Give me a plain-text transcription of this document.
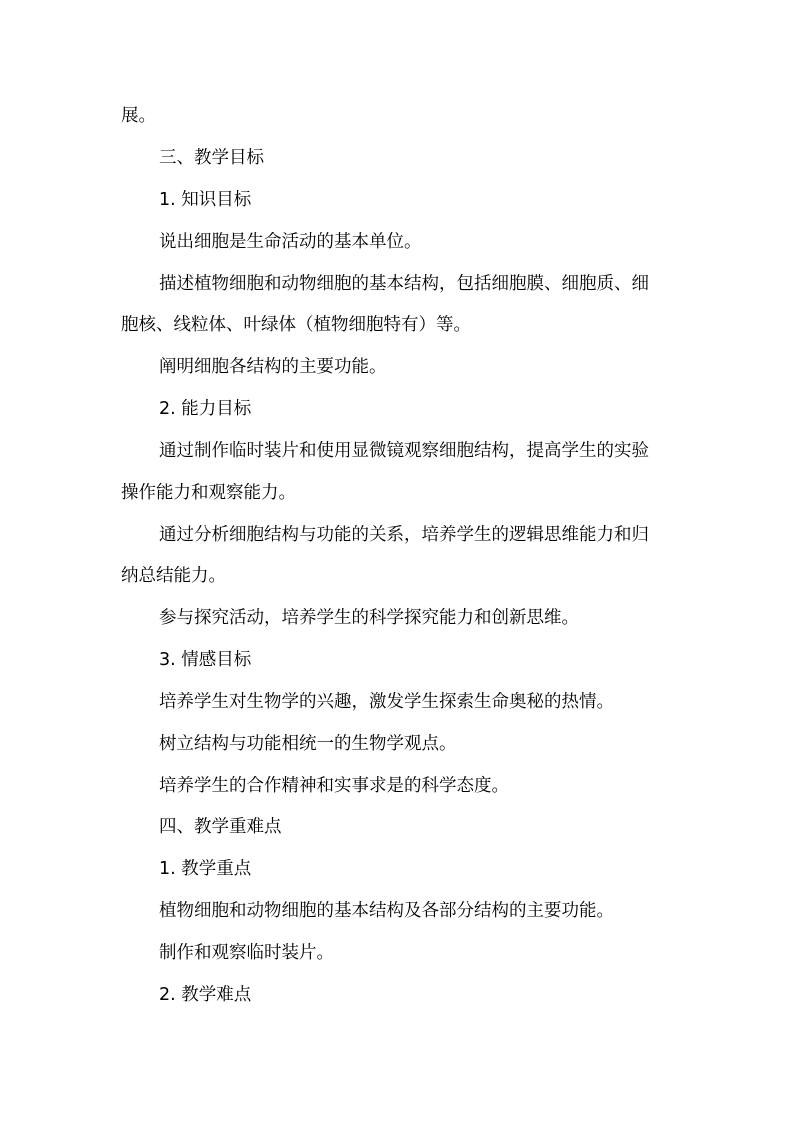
展。
三、教学目标
1. 知识目标
说出细胞是生命活动的基本单位。
描述植物细胞和动物细胞的基本结构，包括细胞膜、细胞质、细
胞核、线粒体、叶绿体（植物细胞特有）等。
阐明细胞各结构的主要功能。
2. 能力目标
通过制作临时装片和使用显微镜观察细胞结构，提高学生的实验
操作能力和观察能力。
通过分析细胞结构与功能的关系，培养学生的逻辑思维能力和归
纳总结能力。
参与探究活动，培养学生的科学探究能力和创新思维。
3. 情感目标
培养学生对生物学的兴趣，激发学生探索生命奥秘的热情。
树立结构与功能相统一的生物学观点。
培养学生的合作精神和实事求是的科学态度。
四、教学重难点
1. 教学重点
植物细胞和动物细胞的基本结构及各部分结构的主要功能。
制作和观察临时装片。
2. 教学难点
